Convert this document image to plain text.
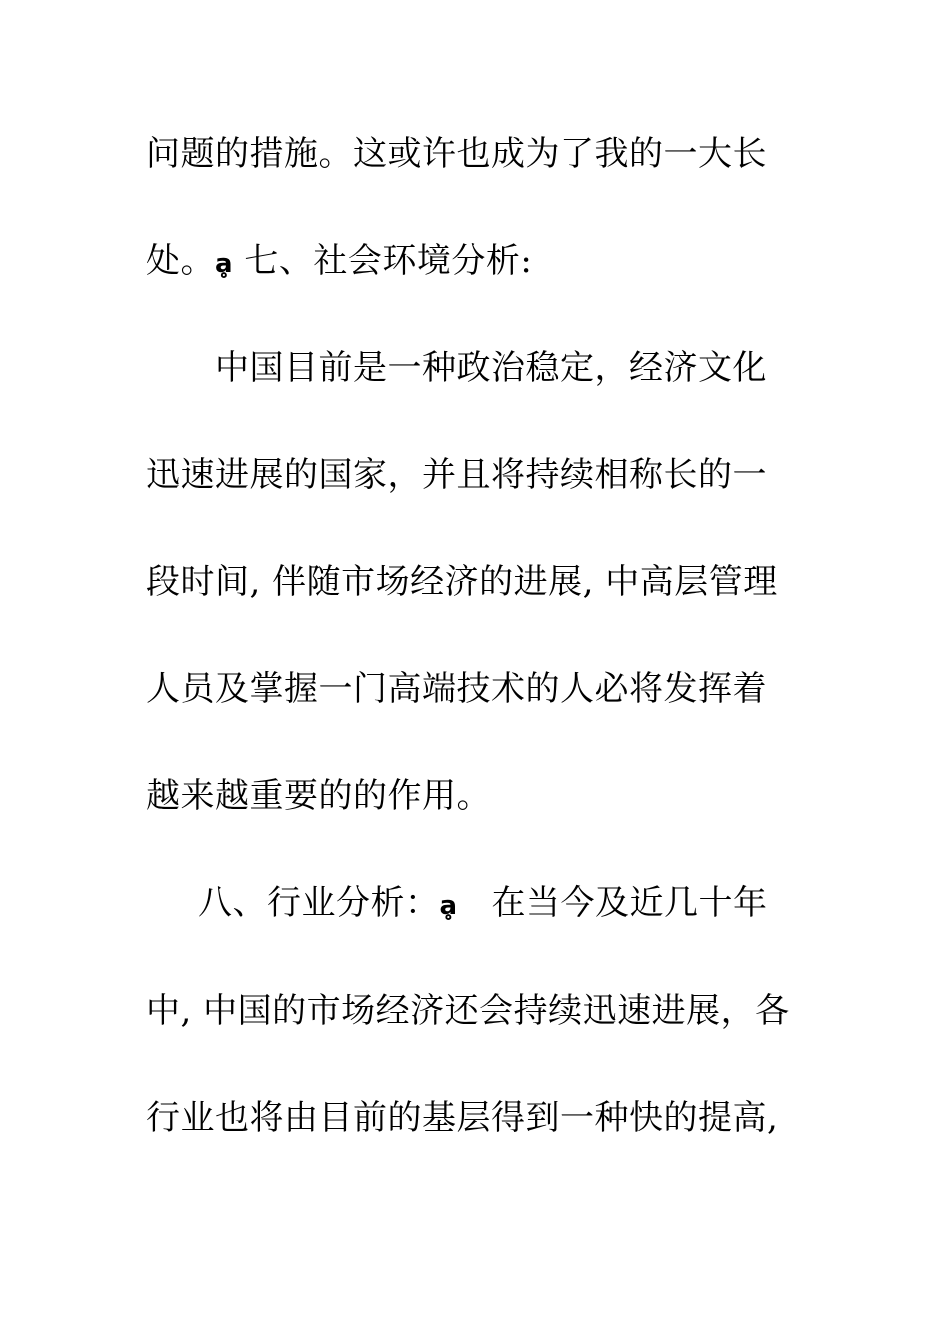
问题的措施。这或许也成为了我的一大长
处。ḁ 七、社会环境分析:
中国目前是一种政治稳定，经济文化
迅速进展的国家，并且将持续相称长的一
段时间, 伴随市场经济的进展, 中高层管理
人员及掌握一门高端技术的人必将发挥着
越来越重要的的作用。
八、行业分析：ḁ   在当今及近几十年
中, 中国的市场经济还会持续迅速进展，各
行业也将由目前的基层得到一种快的提高,
